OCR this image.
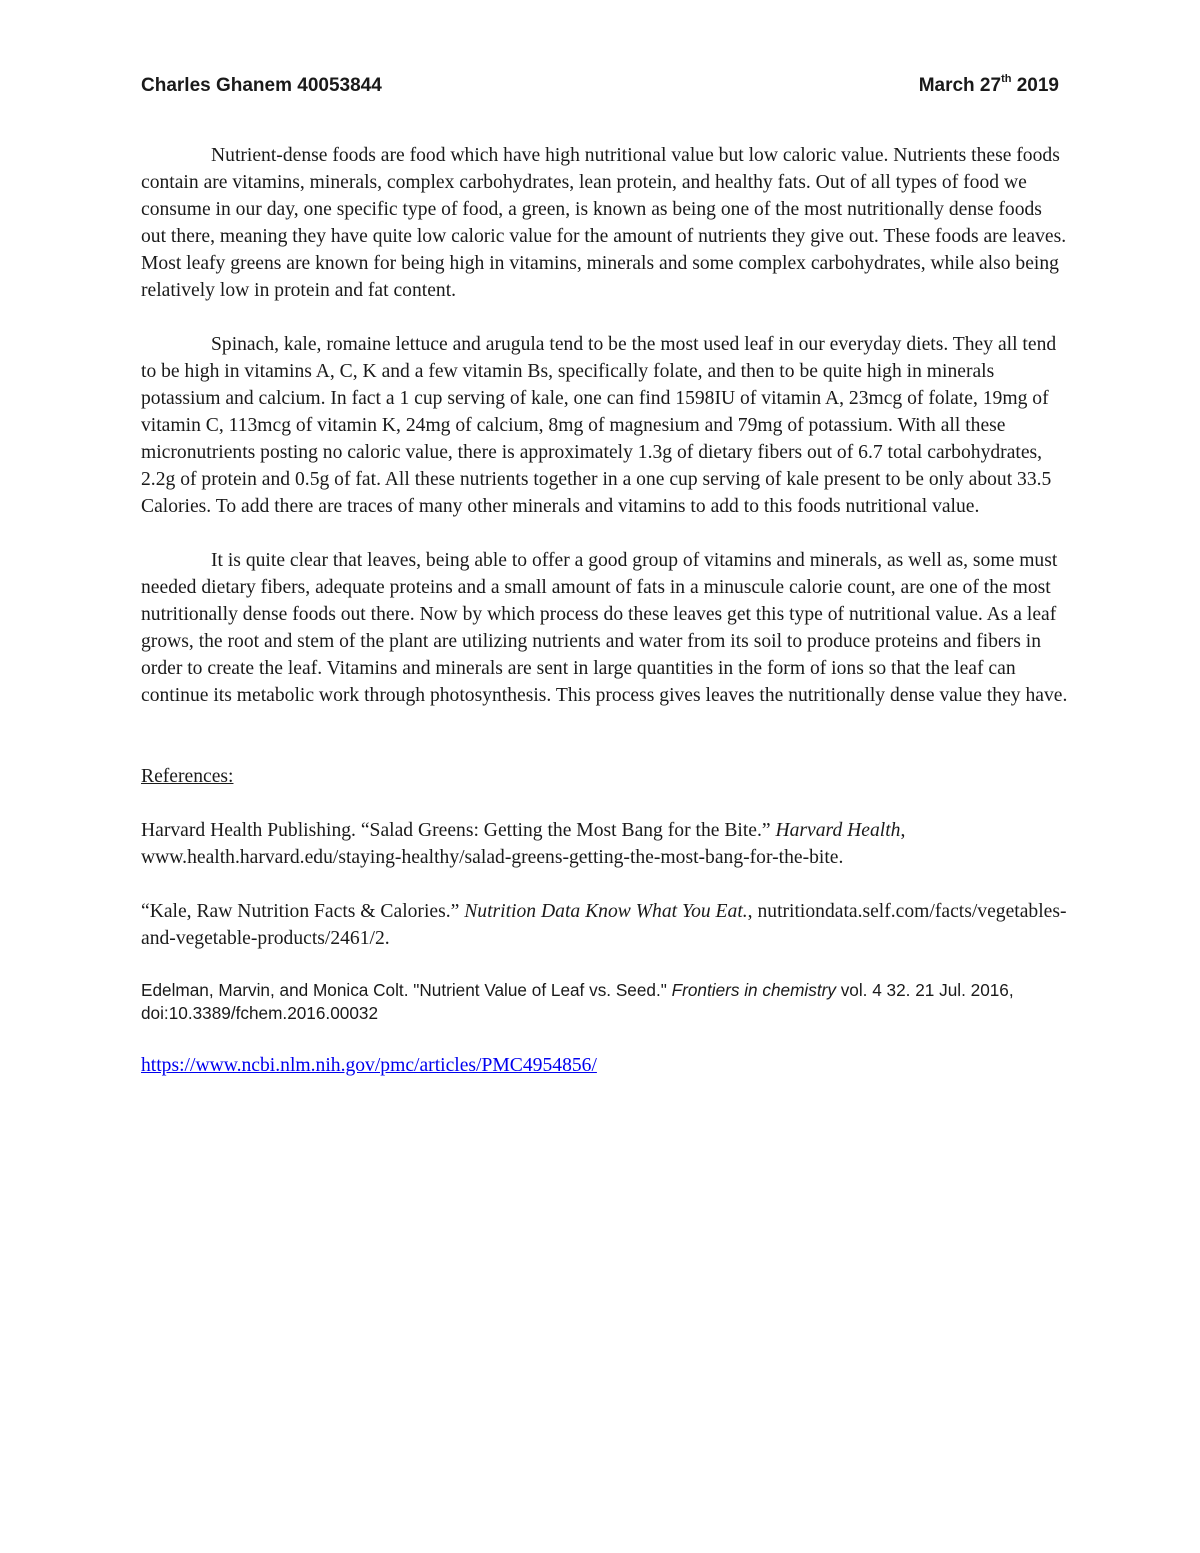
Charles Ghanem 40053844	March 27th 2019

Nutrient-dense foods are food which have high nutritional value but low caloric value. Nutrients these foods contain are vitamins, minerals, complex carbohydrates, lean protein, and healthy fats. Out of all types of food we consume in our day, one specific type of food, a green, is known as being one of the most nutritionally dense foods out there, meaning they have quite low caloric value for the amount of nutrients they give out. These foods are leaves. Most leafy greens are known for being high in vitamins, minerals and some complex carbohydrates, while also being relatively low in protein and fat content.

Spinach, kale, romaine lettuce and arugula tend to be the most used leaf in our everyday diets. They all tend to be high in vitamins A, C, K and a few vitamin Bs, specifically folate, and then to be quite high in minerals potassium and calcium. In fact a 1 cup serving of kale, one can find 1598IU of vitamin A, 23mcg of folate, 19mg of vitamin C, 113mcg of vitamin K, 24mg of calcium, 8mg of magnesium and 79mg of potassium. With all these micronutrients posting no caloric value, there is approximately 1.3g of dietary fibers out of 6.7 total carbohydrates, 2.2g of protein and 0.5g of fat. All these nutrients together in a one cup serving of kale present to be only about 33.5 Calories. To add there are traces of many other minerals and vitamins to add to this foods nutritional value.

It is quite clear that leaves, being able to offer a good group of vitamins and minerals, as well as, some must needed dietary fibers, adequate proteins and a small amount of fats in a minuscule calorie count, are one of the most nutritionally dense foods out there. Now by which process do these leaves get this type of nutritional value. As a leaf grows, the root and stem of the plant are utilizing nutrients and water from its soil to produce proteins and fibers in order to create the leaf. Vitamins and minerals are sent in large quantities in the form of ions so that the leaf can continue its metabolic work through photosynthesis. This process gives leaves the nutritionally dense value they have.

References:

Harvard Health Publishing. “Salad Greens: Getting the Most Bang for the Bite.” Harvard Health, www.health.harvard.edu/staying-healthy/salad-greens-getting-the-most-bang-for-the-bite.

“Kale, Raw Nutrition Facts & Calories.” Nutrition Data Know What You Eat., nutritiondata.self.com/facts/vegetables-and-vegetable-products/2461/2.

Edelman, Marvin, and Monica Colt. "Nutrient Value of Leaf vs. Seed." Frontiers in chemistry vol. 4 32. 21 Jul. 2016, doi:10.3389/fchem.2016.00032

https://www.ncbi.nlm.nih.gov/pmc/articles/PMC4954856/
